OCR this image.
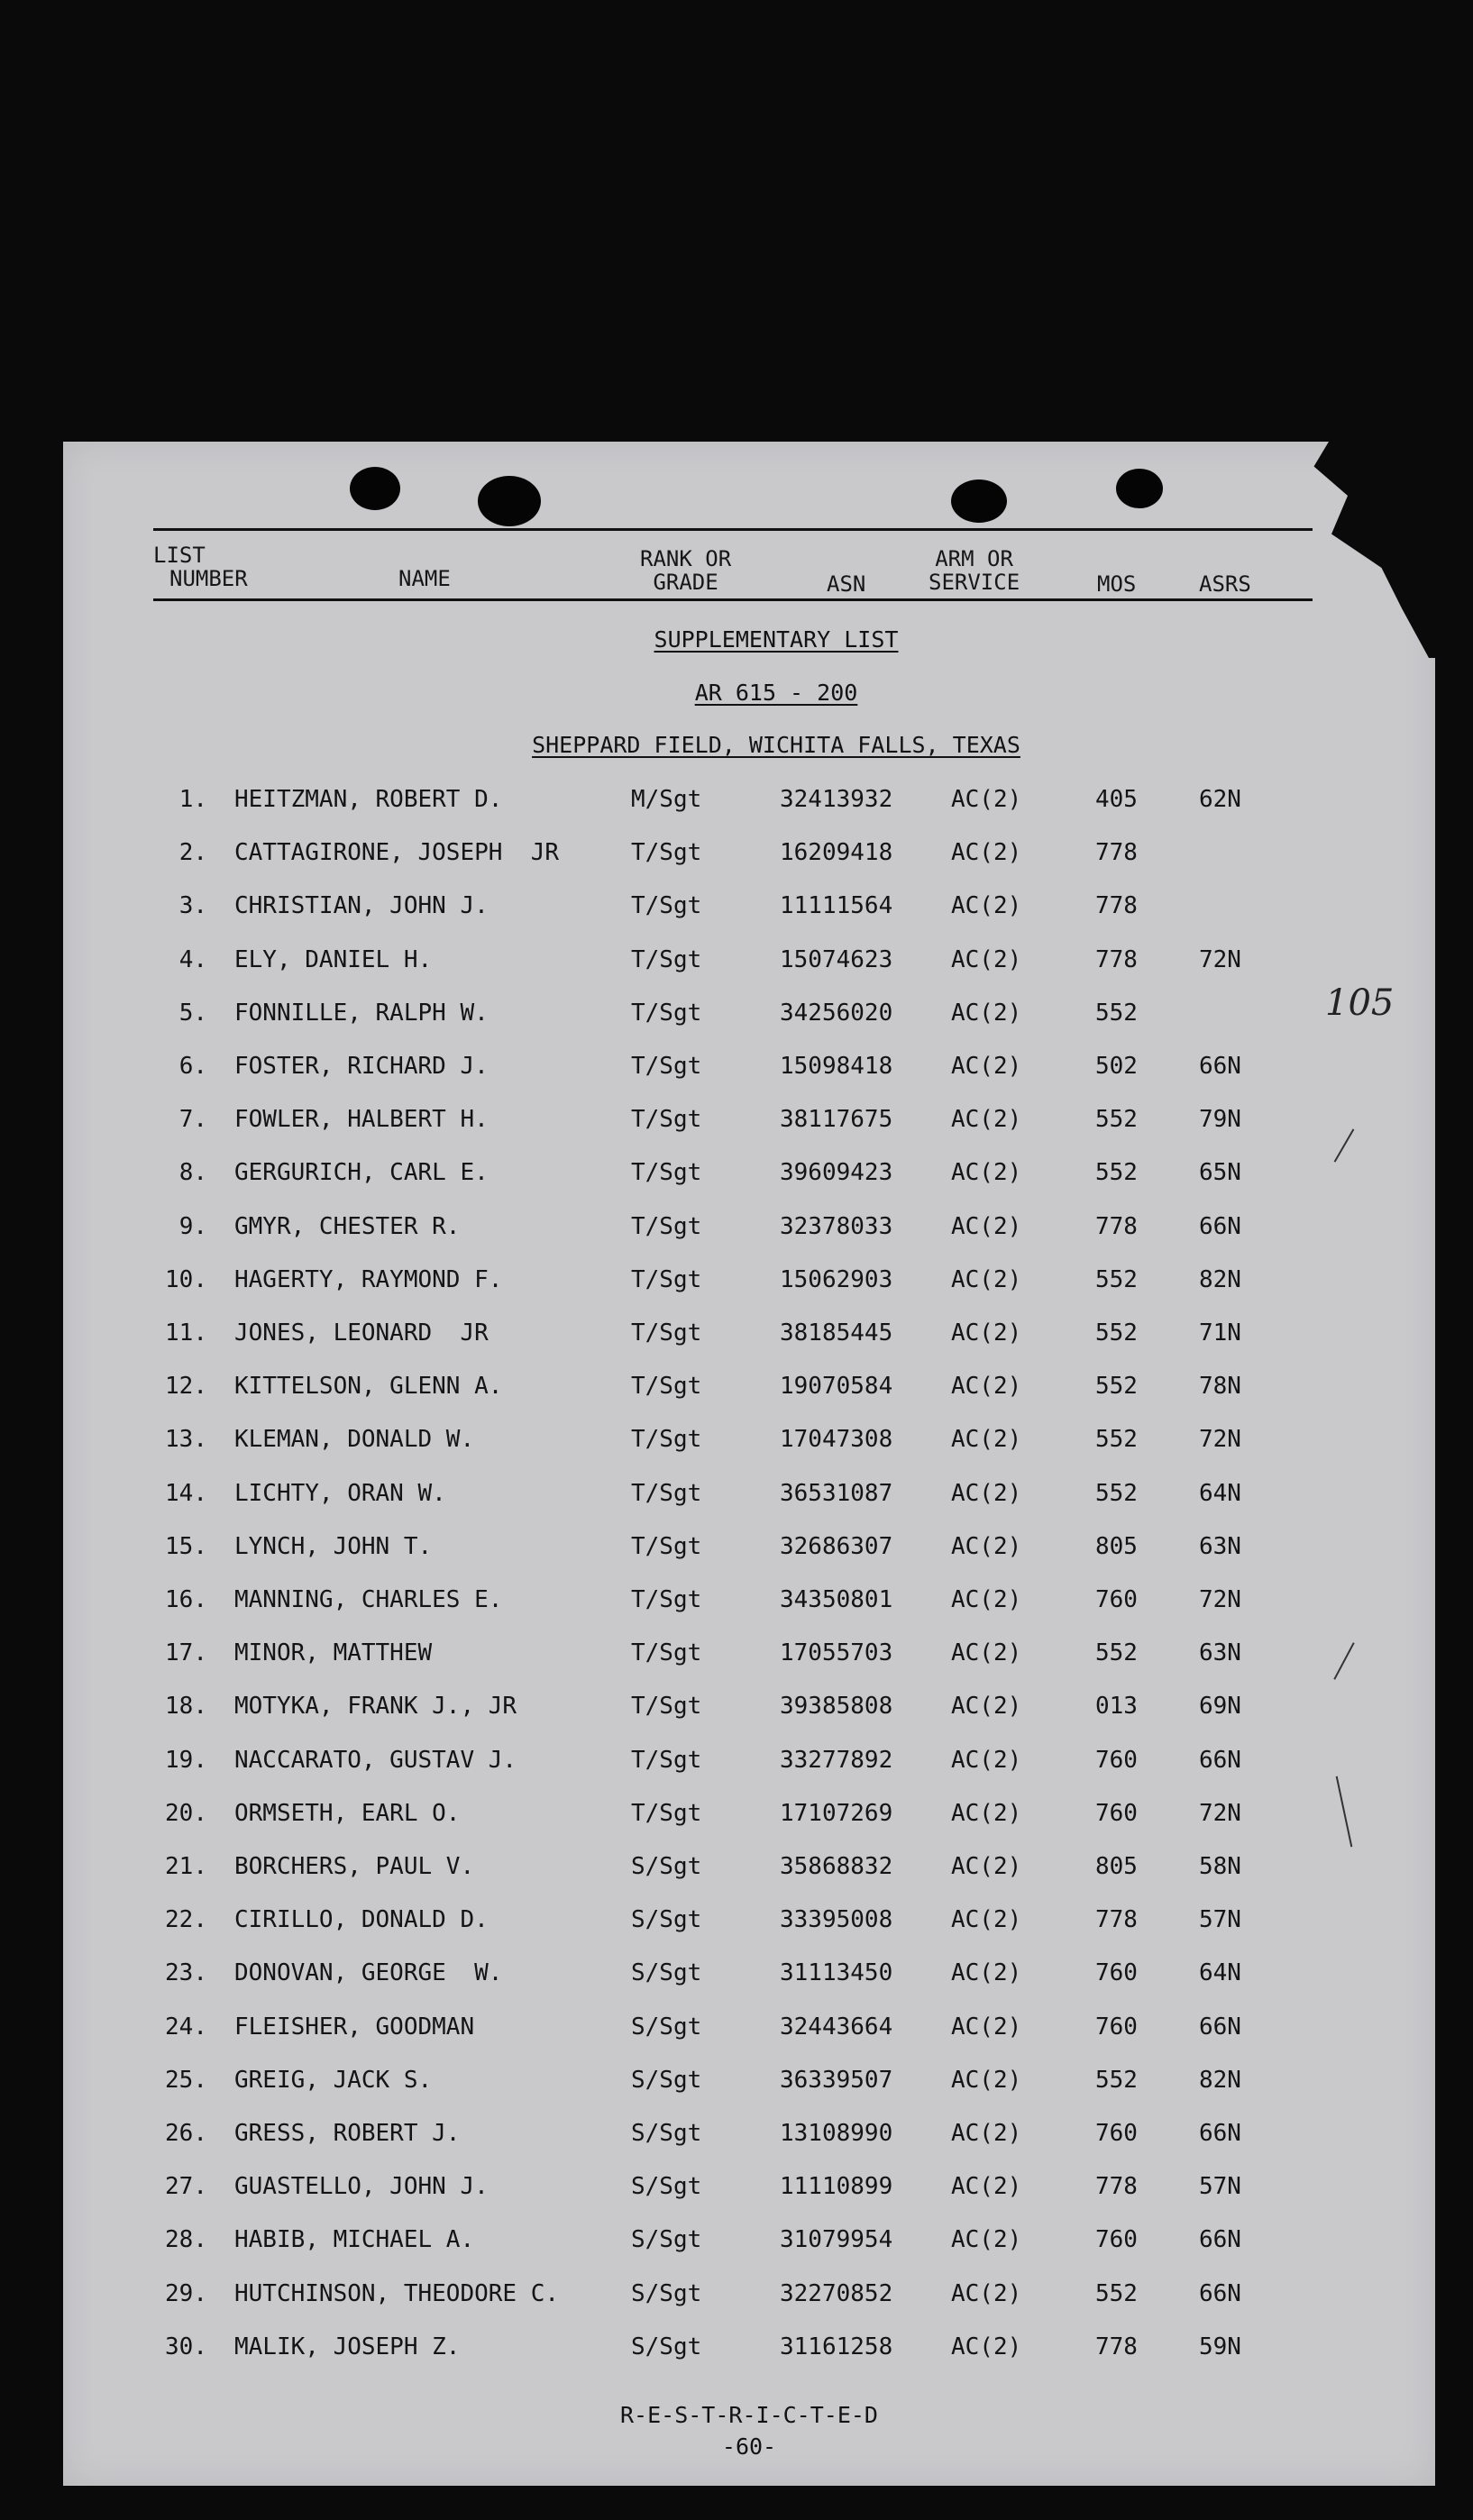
LIST
NUMBER	NAME
RANK OR
GRADE	ASN
ARM OR
SERVICE	MOS	ASRS
SUPPLEMENTARY LIST
AR 615 - 200
SHEPPARD FIELD, WICHITA FALLS, TEXAS
1. HEITZMAN, ROBERT D.	M/Sgt	32413932 AC(2)	405	62N
2. CATTAGIRONE, JOSEPH  JR	T/Sgt	16209418 AC(2)	778
3. CHRISTIAN, JOHN J.	T/Sgt	11111564 AC(2)	778
4. ELY, DANIEL H.	T/Sgt	15074623 AC(2)	778	72N
5. FONNILLE, RALPH W.	T/Sgt	34256020 AC(2)	552
6. FOSTER, RICHARD J.	T/Sgt	15098418 AC(2)	502	66N
7. FOWLER, HALBERT H.	T/Sgt	38117675 AC(2)	552	79N
8. GERGURICH, CARL E.	T/Sgt	39609423 AC(2)	552	65N
9. GMYR, CHESTER R.	T/Sgt	32378033 AC(2)	778	66N
10. HAGERTY, RAYMOND F.	T/Sgt	15062903 AC(2)	552	82N
11. JONES, LEONARD  JR	T/Sgt	38185445 AC(2)	552	71N
12. KITTELSON, GLENN A.	T/Sgt	19070584 AC(2)	552	78N
13. KLEMAN, DONALD W.	T/Sgt	17047308 AC(2)	552	72N
14. LICHTY, ORAN W.	T/Sgt	36531087 AC(2)	552	64N
15. LYNCH, JOHN T.	T/Sgt	32686307 AC(2)	805	63N
16. MANNING, CHARLES E.	T/Sgt	34350801 AC(2)	760	72N
17. MINOR, MATTHEW	T/Sgt	17055703 AC(2)	552	63N
18. MOTYKA, FRANK J., JR	T/Sgt	39385808 AC(2)	013	69N
19. NACCARATO, GUSTAV J.	T/Sgt	33277892 AC(2)	760	66N
20. ORMSETH, EARL O.	T/Sgt	17107269 AC(2)	760	72N
21. BORCHERS, PAUL V.	S/Sgt	35868832 AC(2)	805	58N
22. CIRILLO, DONALD D.	S/Sgt	33395008 AC(2)	778	57N
23. DONOVAN, GEORGE  W.	S/Sgt	31113450 AC(2)	760	64N
24. FLEISHER, GOODMAN	S/Sgt	32443664 AC(2)	760	66N
25. GREIG, JACK S.	S/Sgt	36339507 AC(2)	552	82N
26. GRESS, ROBERT J.	S/Sgt	13108990 AC(2)	760	66N
27. GUASTELLO, JOHN J.	S/Sgt	11110899 AC(2)	778	57N
28. HABIB, MICHAEL A.	S/Sgt	31079954 AC(2)	760	66N
29. HUTCHINSON, THEODORE C.	S/Sgt	32270852 AC(2)	552	66N
30. MALIK, JOSEPH Z.	S/Sgt	31161258 AC(2)	778	59N
105
R-E-S-T-R-I-C-T-E-D
-60-
